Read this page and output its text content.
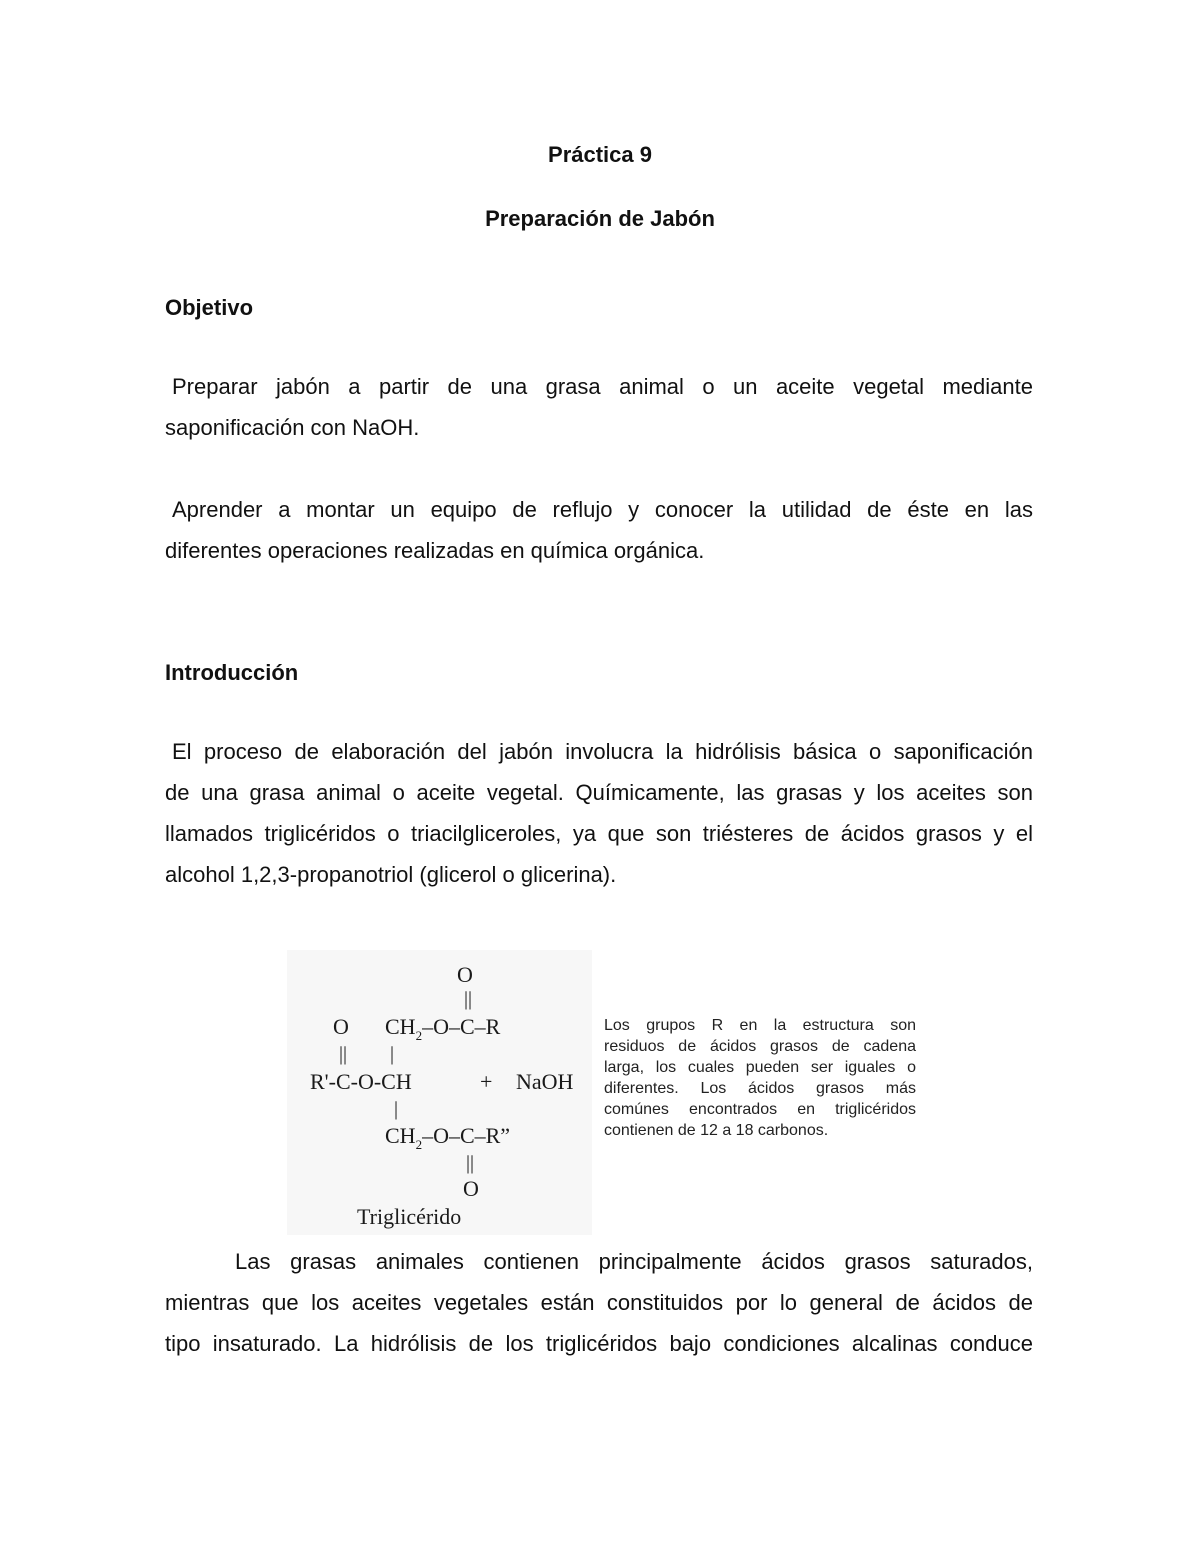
Práctica 9
Preparación de Jabón
Objetivo
Preparar jabón a partir de una grasa animal o un aceite vegetal mediante
saponificación con NaOH.
Aprender a montar un equipo de reflujo y conocer la utilidad de éste en las
diferentes operaciones realizadas en química orgánica.
Introducción
El proceso de elaboración del jabón involucra la hidrólisis básica o saponificación
de una grasa animal o aceite vegetal. Químicamente, las grasas y los aceites son
llamados triglicéridos o triacilgliceroles, ya que son triésteres de ácidos grasos y el
alcohol 1,2,3-propanotriol (glicerol o glicerina).
O
||
O $CH_2-O-C-R$
|| |
R'-C-O-CH	+ NaOH
|
$CH_2-O-C-R$”
||
O
Triglicérido
Los grupos R en la estructura son
residuos de ácidos grasos de cadena
larga, los cuales pueden ser iguales o
diferentes. Los ácidos grasos más
comúnes encontrados en triglicéridos
contienen de 12 a 18 carbonos.
Las grasas animales contienen principalmente ácidos grasos saturados,
mientras que los aceites vegetales están constituidos por lo general de ácidos de
tipo insaturado. La hidrólisis de los triglicéridos bajo condiciones alcalinas conduce
